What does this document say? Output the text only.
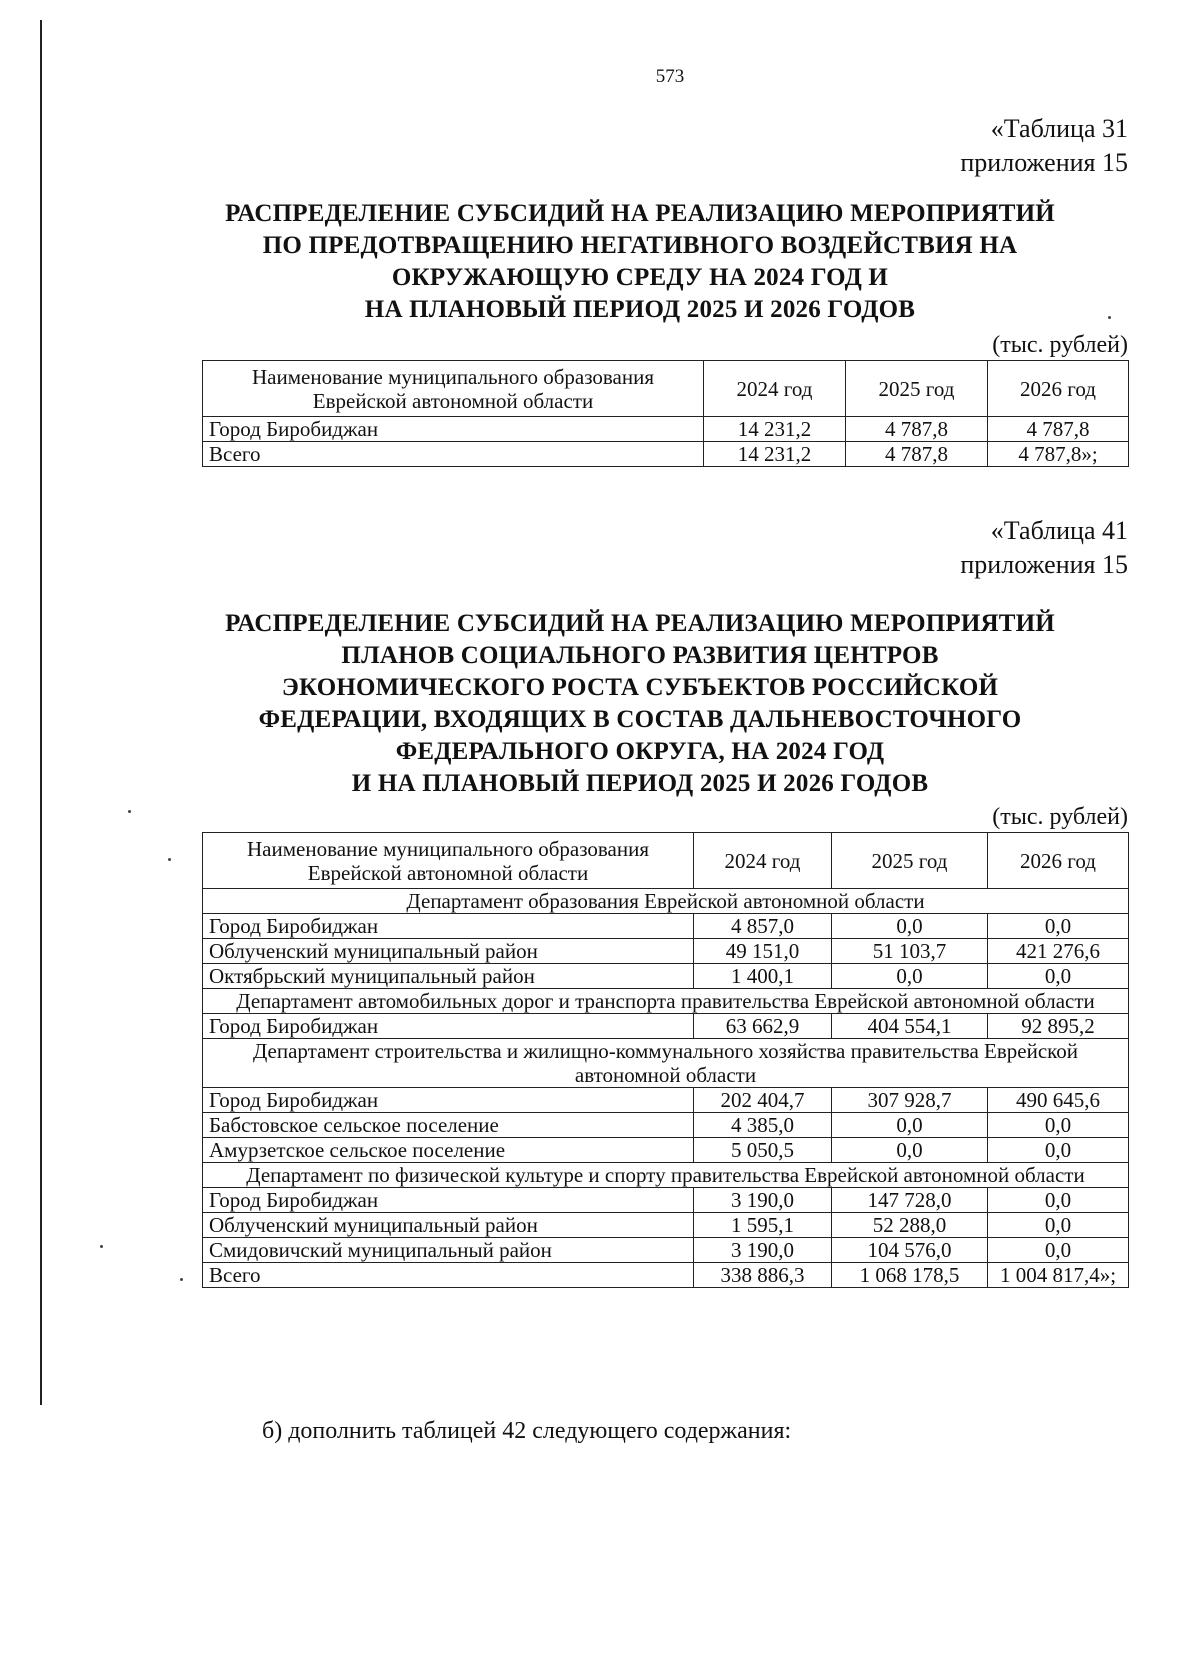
573
«Таблица 31
приложения 15
РАСПРЕДЕЛЕНИЕ СУБСИДИЙ НА РЕАЛИЗАЦИЮ МЕРОПРИЯТИЙ
ПО ПРЕДОТВРАЩЕНИЮ НЕГАТИВНОГО ВОЗДЕЙСТВИЯ НА
ОКРУЖАЮЩУЮ СРЕДУ НА 2024 ГОД И
НА ПЛАНОВЫЙ ПЕРИОД 2025 И 2026 ГОДОВ
(тыс. рублей)
Наименование муниципального образования Еврейской автономной области	2024 год	2025 год	2026 год
Город Биробиджан	14 231,2	4 787,8	4 787,8
Всего	14 231,2	4 787,8	4 787,8»;
«Таблица 41
приложения 15
РАСПРЕДЕЛЕНИЕ СУБСИДИЙ НА РЕАЛИЗАЦИЮ МЕРОПРИЯТИЙ
ПЛАНОВ СОЦИАЛЬНОГО РАЗВИТИЯ ЦЕНТРОВ
ЭКОНОМИЧЕСКОГО РОСТА СУБЪЕКТОВ РОССИЙСКОЙ
ФЕДЕРАЦИИ, ВХОДЯЩИХ В СОСТАВ ДАЛЬНЕВОСТОЧНОГО
ФЕДЕРАЛЬНОГО ОКРУГА, НА 2024 ГОД
И НА ПЛАНОВЫЙ ПЕРИОД 2025 И 2026 ГОДОВ
(тыс. рублей)
Наименование муниципального образования Еврейской автономной области	2024 год	2025 год	2026 год
Департамент образования Еврейской автономной области			
Город Биробиджан	4 857,0	0,0	0,0
Облученский муниципальный район	49 151,0	51 103,7	421 276,6
Октябрьский муниципальный район	1 400,1	0,0	0,0
Департамент автомобильных дорог и транспорта правительства Еврейской автономной области			
Город Биробиджан	63 662,9	404 554,1	92 895,2
Департамент строительства и жилищно-коммунального хозяйства правительства Еврейской автономной области			
Город Биробиджан	202 404,7	307 928,7	490 645,6
Бабстовское сельское поселение	4 385,0	0,0	0,0
Амурзетское сельское поселение	5 050,5	0,0	0,0
Департамент по физической культуре и спорту правительства Еврейской автономной области			
Город Биробиджан	3 190,0	147 728,0	0,0
Облученский муниципальный район	1 595,1	52 288,0	0,0
Смидовичский муниципальный район	3 190,0	104 576,0	0,0
Всего	338 886,3	1 068 178,5	1 004 817,4»;
б) дополнить таблицей 42 следующего содержания:
